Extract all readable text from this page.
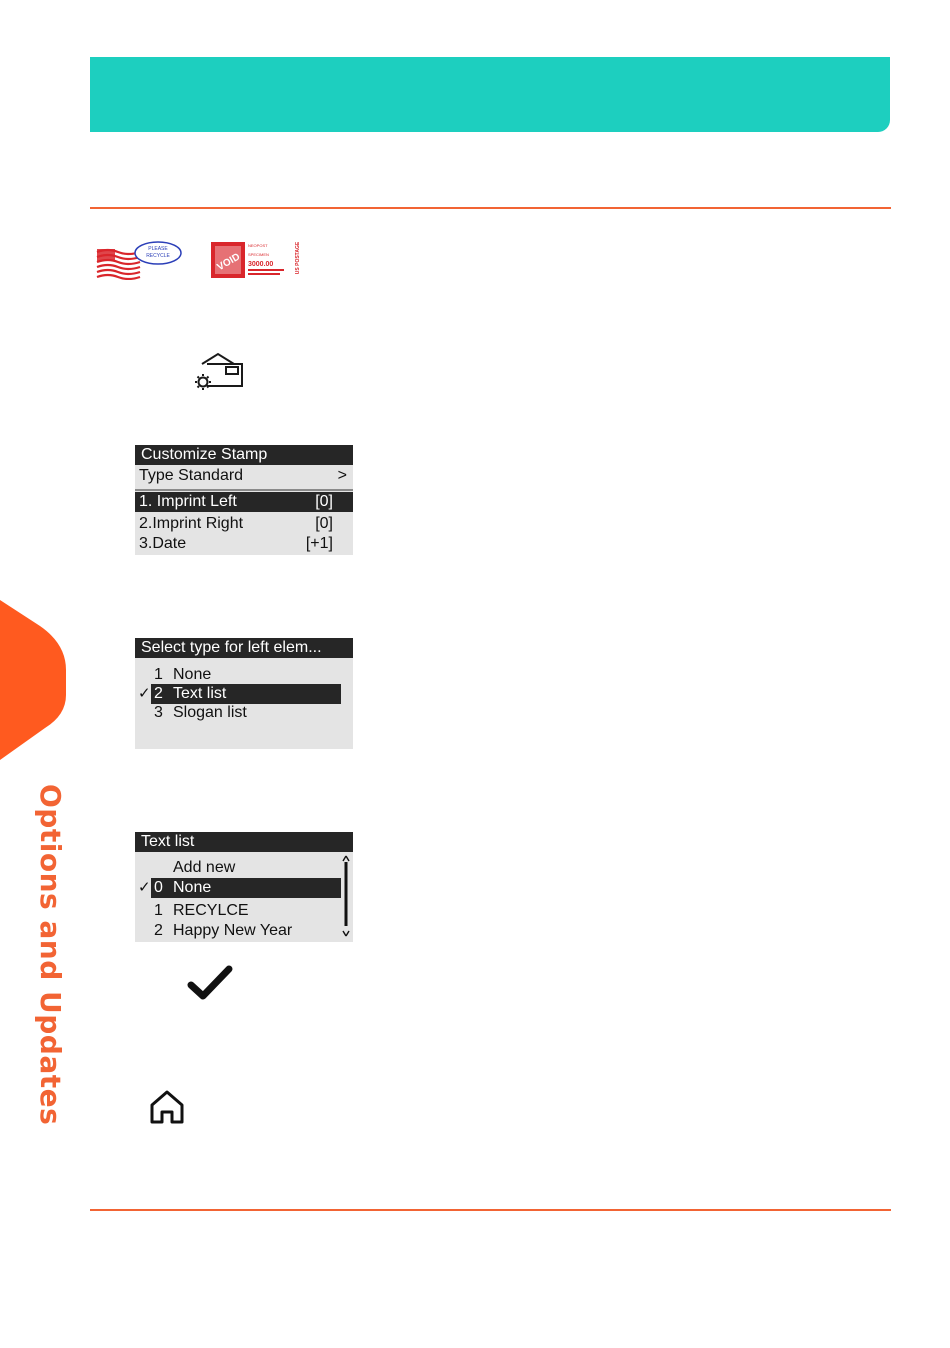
Options and Updates
PLEASE
RECYCLE	VOID
NEOPOST
SPECIMEN
3000.00	US POSTAGE
Customize Stamp
Type Standard	>
1. Imprint Left	[0]
2.Imprint Right	[0]
3.Date	[+1]
Select type for left elem...
1 None
✓ 2 Text list
3 Slogan list
Text list
Add new
✓ 0 None
1 RECYLCE
2 Happy New Year
